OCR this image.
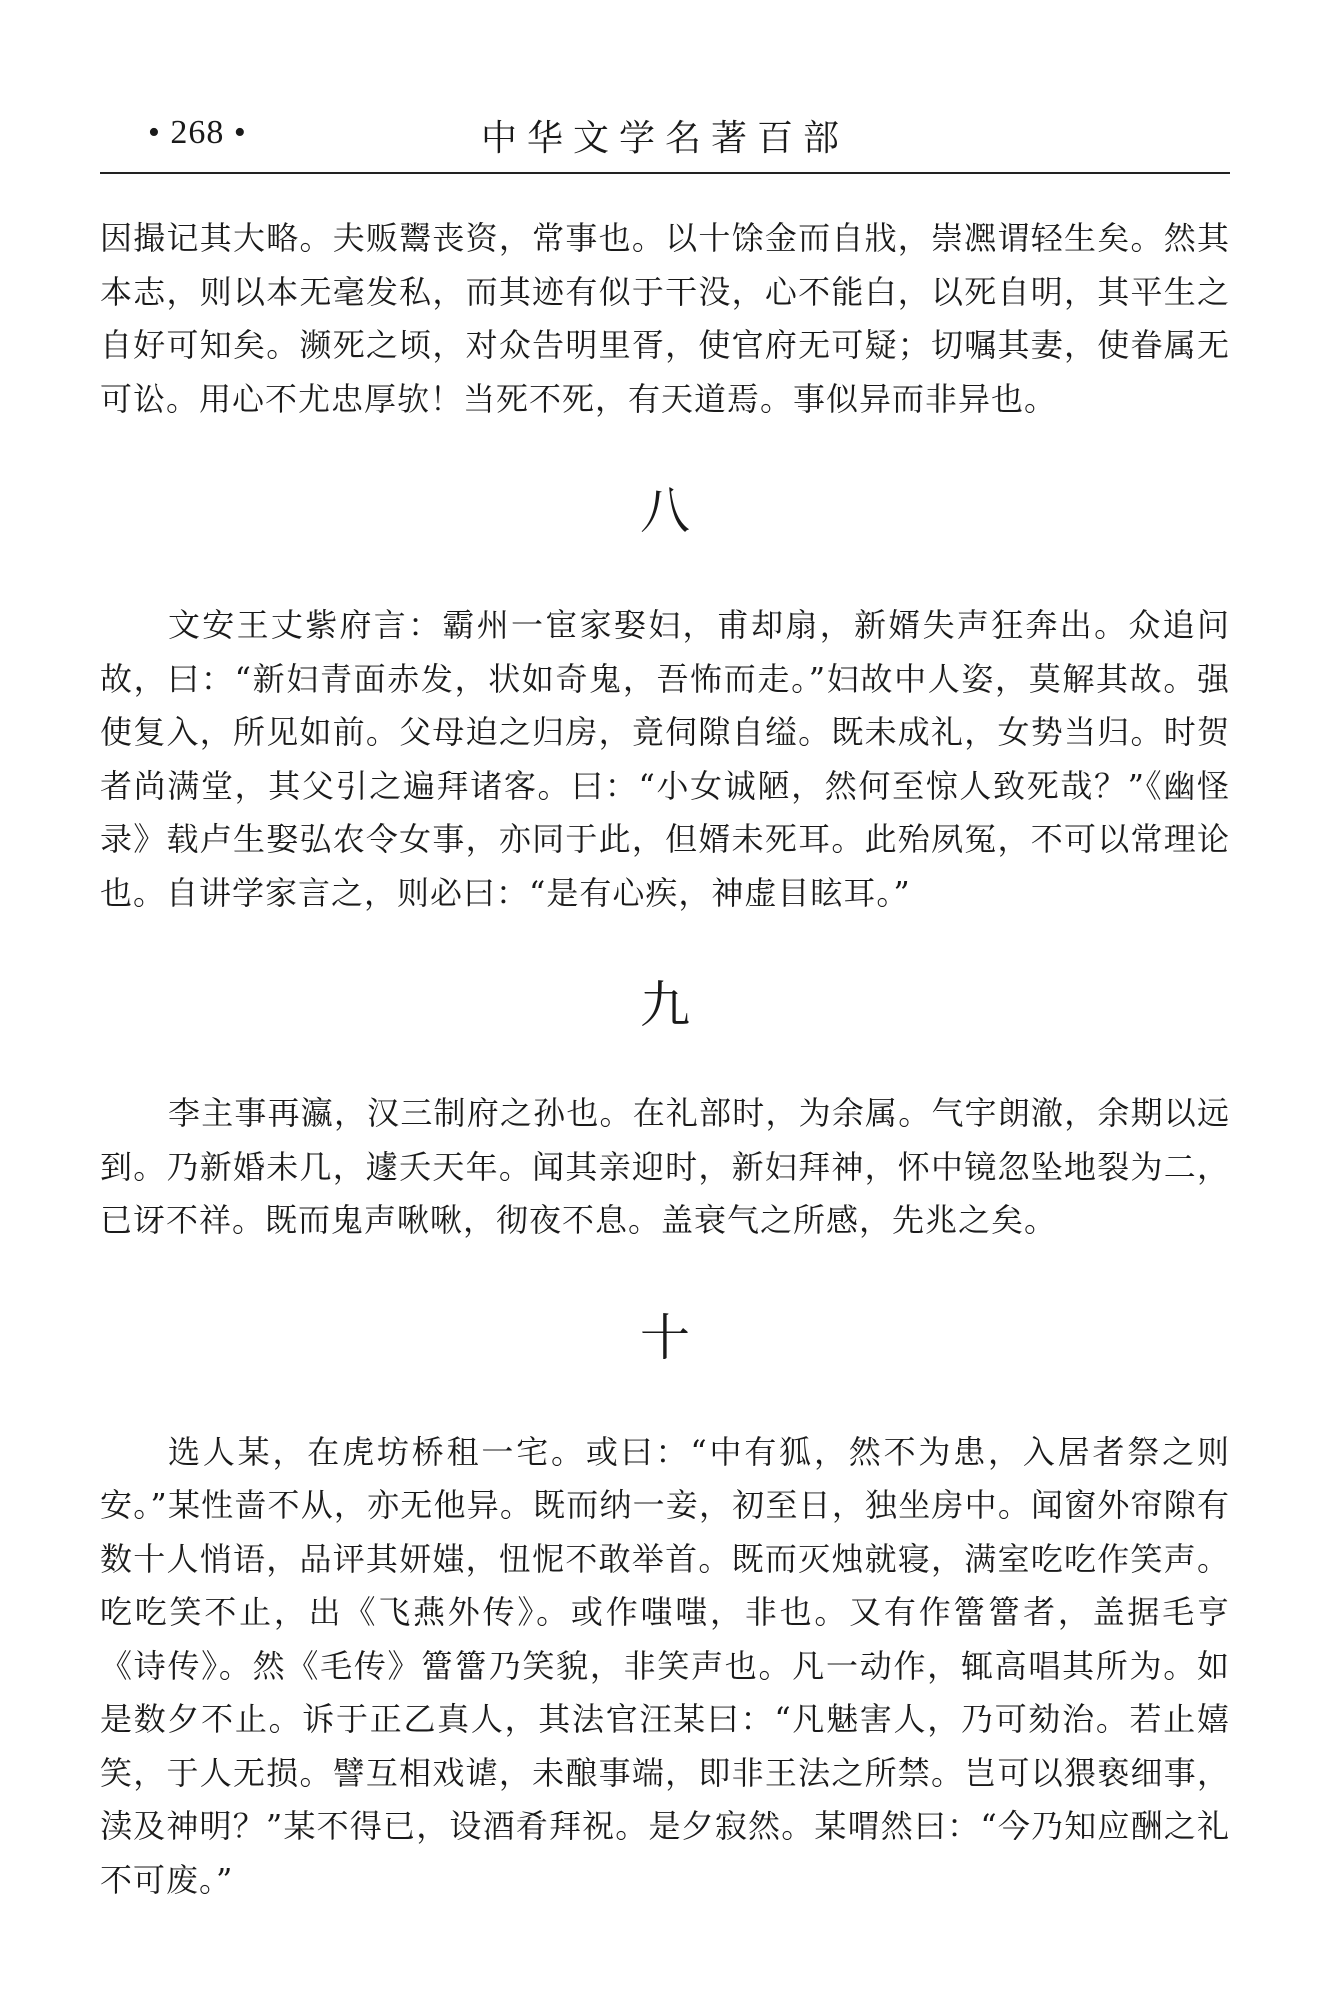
• 268 •	中华文学名著百部

因撮记其大略。夫贩鬻丧资，常事也。以十馀金而自戕，崇凞谓轻生矣。然其本志，则以本无毫发私，而其迹有似于干没，心不能白，以死自明，其平生之自好可知矣。濒死之顷，对众告明里胥，使官府无可疑；切嘱其妻，使眷属无可讼。用心不尤忠厚欤！当死不死，有天道焉。事似异而非异也。

八

文安王丈紫府言：霸州一宦家娶妇，甫却扇，新婿失声狂奔出。众追问故，曰：“新妇青面赤发，状如奇鬼，吾怖而走。”妇故中人姿，莫解其故。强使复入，所见如前。父母迫之归房，竟伺隙自缢。既未成礼，女势当归。时贺者尚满堂，其父引之遍拜诸客。曰：“小女诚陋，然何至惊人致死哉？”《幽怪录》载卢生娶弘农令女事，亦同于此，但婿未死耳。此殆夙冤，不可以常理论也。自讲学家言之，则必曰：“是有心疾，神虚目眩耳。”

九

李主事再瀛，汉三制府之孙也。在礼部时，为余属。气宇朗澈，余期以远到。乃新婚未几，遽夭天年。闻其亲迎时，新妇拜神，怀中镜忽坠地裂为二，已讶不祥。既而鬼声啾啾，彻夜不息。盖衰气之所感，先兆之矣。

十

选人某，在虎坊桥租一宅。或曰：“中有狐，然不为患，入居者祭之则安。”某性啬不从，亦无他异。既而纳一妾，初至日，独坐房中。闻窗外帘隙有数十人悄语，品评其妍媸，忸怩不敢举首。既而灭烛就寝，满室吃吃作笑声。吃吃笑不止，出《飞燕外传》。或作嗤嗤，非也。又有作簹簹者，盖据毛亨《诗传》。然《毛传》簹簹乃笑貌，非笑声也。凡一动作，辄高唱其所为。如是数夕不止。诉于正乙真人，其法官汪某曰：“凡魅害人，乃可劾治。若止嬉笑，于人无损。譬互相戏谑，未酿事端，即非王法之所禁。岂可以猥亵细事，渎及神明？”某不得已，设酒肴拜祝。是夕寂然。某喟然曰：“今乃知应酬之礼不可废。”
